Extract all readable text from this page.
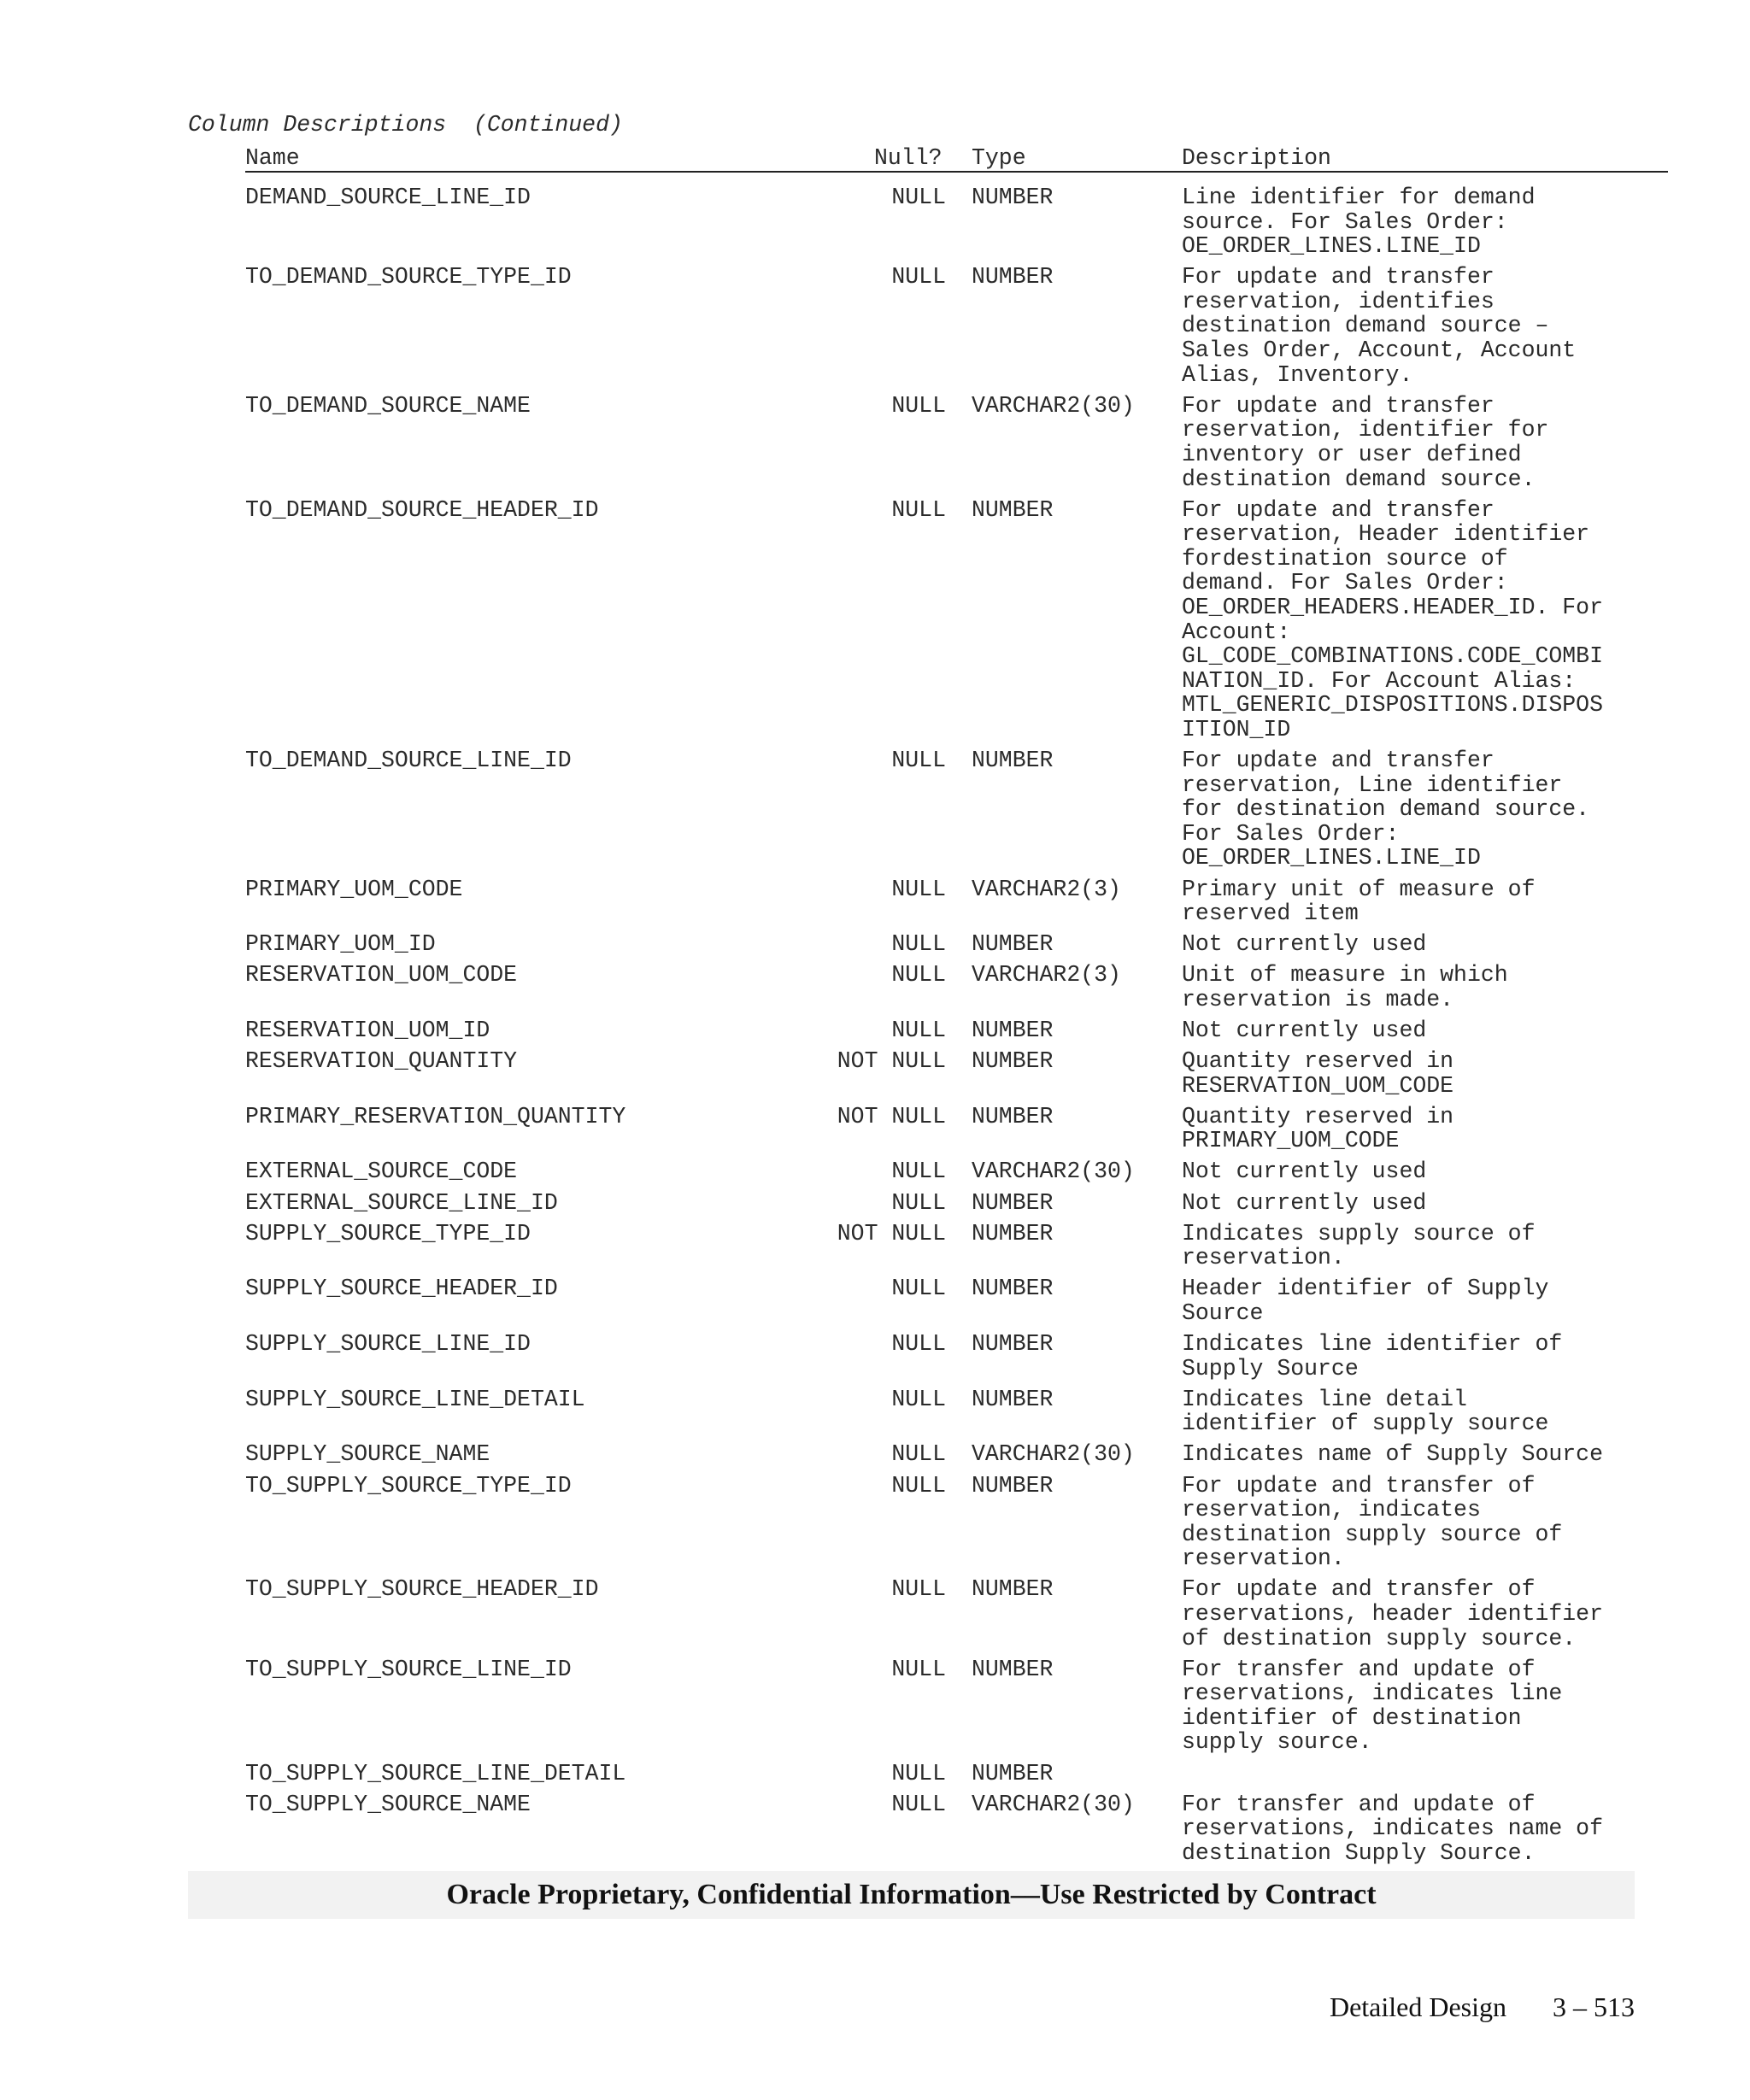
Column Descriptions  (Continued)
Name	Null? Type	Description
DEMAND_SOURCE_LINE_ID	NULL NUMBER	Line identifier for demand
source. For Sales Order:
OE_ORDER_LINES.LINE_ID
TO_DEMAND_SOURCE_TYPE_ID	NULL NUMBER	For update and transfer
reservation, identifies
destination demand source –
Sales Order, Account, Account
Alias, Inventory.
TO_DEMAND_SOURCE_NAME	NULL VARCHAR2(30) For update and transfer
reservation, identifier for
inventory or user defined
destination demand source.
TO_DEMAND_SOURCE_HEADER_ID	NULL NUMBER	For update and transfer
reservation, Header identifier
fordestination source of
demand. For Sales Order:
OE_ORDER_HEADERS.HEADER_ID. For
Account:
GL_CODE_COMBINATIONS.CODE_COMBI
NATION_ID. For Account Alias:
MTL_GENERIC_DISPOSITIONS.DISPOS
ITION_ID
TO_DEMAND_SOURCE_LINE_ID	NULL NUMBER	For update and transfer
reservation, Line identifier
for destination demand source.
For Sales Order:
OE_ORDER_LINES.LINE_ID
PRIMARY_UOM_CODE	NULL VARCHAR2(3)	Primary unit of measure of
reserved item
PRIMARY_UOM_ID	NULL NUMBER	Not currently used
RESERVATION_UOM_CODE	NULL VARCHAR2(3)	Unit of measure in which
reservation is made.
RESERVATION_UOM_ID	NULL NUMBER	Not currently used
RESERVATION_QUANTITY	NOT NULL NUMBER	Quantity reserved in
RESERVATION_UOM_CODE
PRIMARY_RESERVATION_QUANTITY	NOT NULL NUMBER	Quantity reserved in
PRIMARY_UOM_CODE
EXTERNAL_SOURCE_CODE	NULL VARCHAR2(30) Not currently used
EXTERNAL_SOURCE_LINE_ID	NULL NUMBER	Not currently used
SUPPLY_SOURCE_TYPE_ID	NOT NULL NUMBER	Indicates supply source of
reservation.
SUPPLY_SOURCE_HEADER_ID	NULL NUMBER	Header identifier of Supply
Source
SUPPLY_SOURCE_LINE_ID	NULL NUMBER	Indicates line identifier of
Supply Source
SUPPLY_SOURCE_LINE_DETAIL	NULL NUMBER	Indicates line detail
identifier of supply source
SUPPLY_SOURCE_NAME	NULL VARCHAR2(30) Indicates name of Supply Source
TO_SUPPLY_SOURCE_TYPE_ID	NULL NUMBER	For update and transfer of
reservation, indicates
destination supply source of
reservation.
TO_SUPPLY_SOURCE_HEADER_ID	NULL NUMBER	For update and transfer of
reservations, header identifier
of destination supply source.
TO_SUPPLY_SOURCE_LINE_ID	NULL NUMBER	For transfer and update of
reservations, indicates line
identifier of destination
supply source.
TO_SUPPLY_SOURCE_LINE_DETAIL	NULL NUMBER
TO_SUPPLY_SOURCE_NAME	NULL VARCHAR2(30) For transfer and update of
reservations, indicates name of
destination Supply Source.
Oracle Proprietary, Confidential Information––Use Restricted by Contract

Detailed Design 3 – 513
